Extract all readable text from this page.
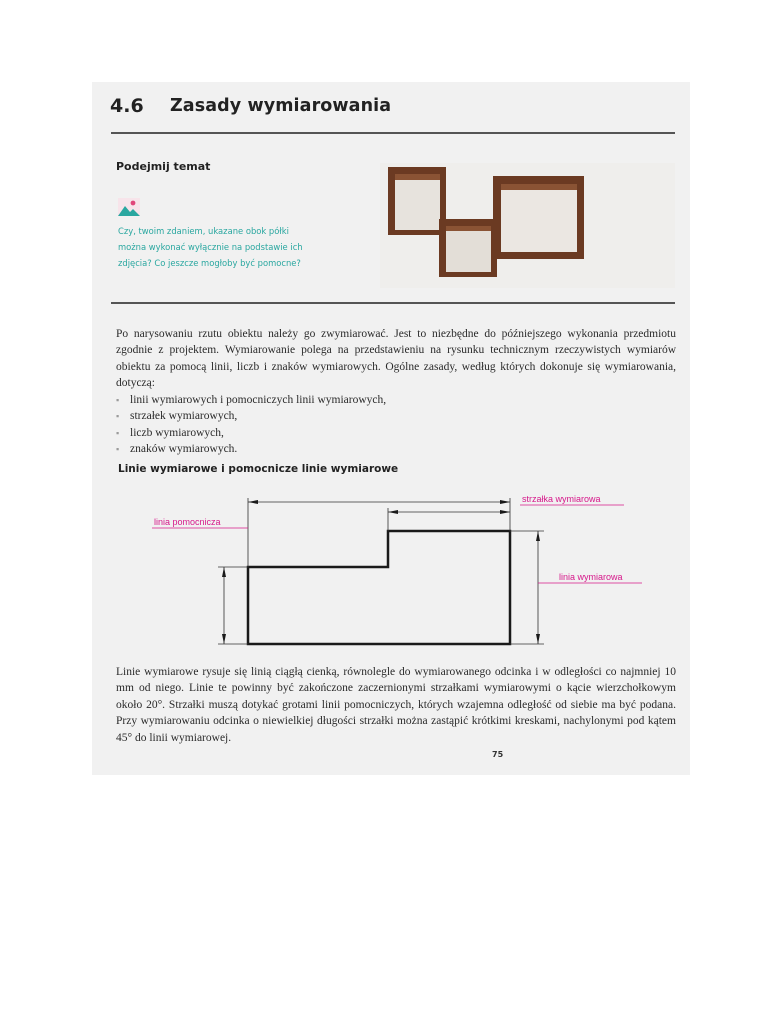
4.6 Zasady wymiarowania
Podejmij temat
Czy, twoim zdaniem, ukazane obok półki można wykonać wyłącznie na podstawie ich zdjęcia? Co jeszcze mogłoby być pomocne?
Po narysowaniu rzutu obiektu należy go zwymiarować. Jest to niezbędne do późniejszego wykonania przedmiotu zgodnie z projektem. Wymiarowanie polega na przedstawieniu na rysunku technicznym rzeczywistych wymiarów obiektu za pomocą linii, liczb i znaków wymiarowych. Ogólne zasady, według których dokonuje się wymiarowania, dotyczą:
▪ linii wymiarowych i pomocniczych linii wymiarowych,
▪ strzałek wymiarowych,
▪ liczb wymiarowych,
▪ znaków wymiarowych.
Linie wymiarowe i pomocnicze linie wymiarowe
strzałka wymiarowa
linia pomocnicza
linia wymiarowa
Linie wymiarowe rysuje się linią ciągłą cienką, równolegle do wymiarowanego odcinka i w odległości co najmniej 10 mm od niego. Linie te powinny być zakończone zaczernionymi strzałkami wymiarowymi o kącie wierzchołkowym około 20°. Strzałki muszą dotykać grotami linii pomocniczych, których wzajemna odległość od siebie ma być podana. Przy wymiarowaniu odcinka o niewielkiej długości strzałki można zastąpić krótkimi kreskami, nachylonymi pod kątem 45° do linii wymiarowej.
75
